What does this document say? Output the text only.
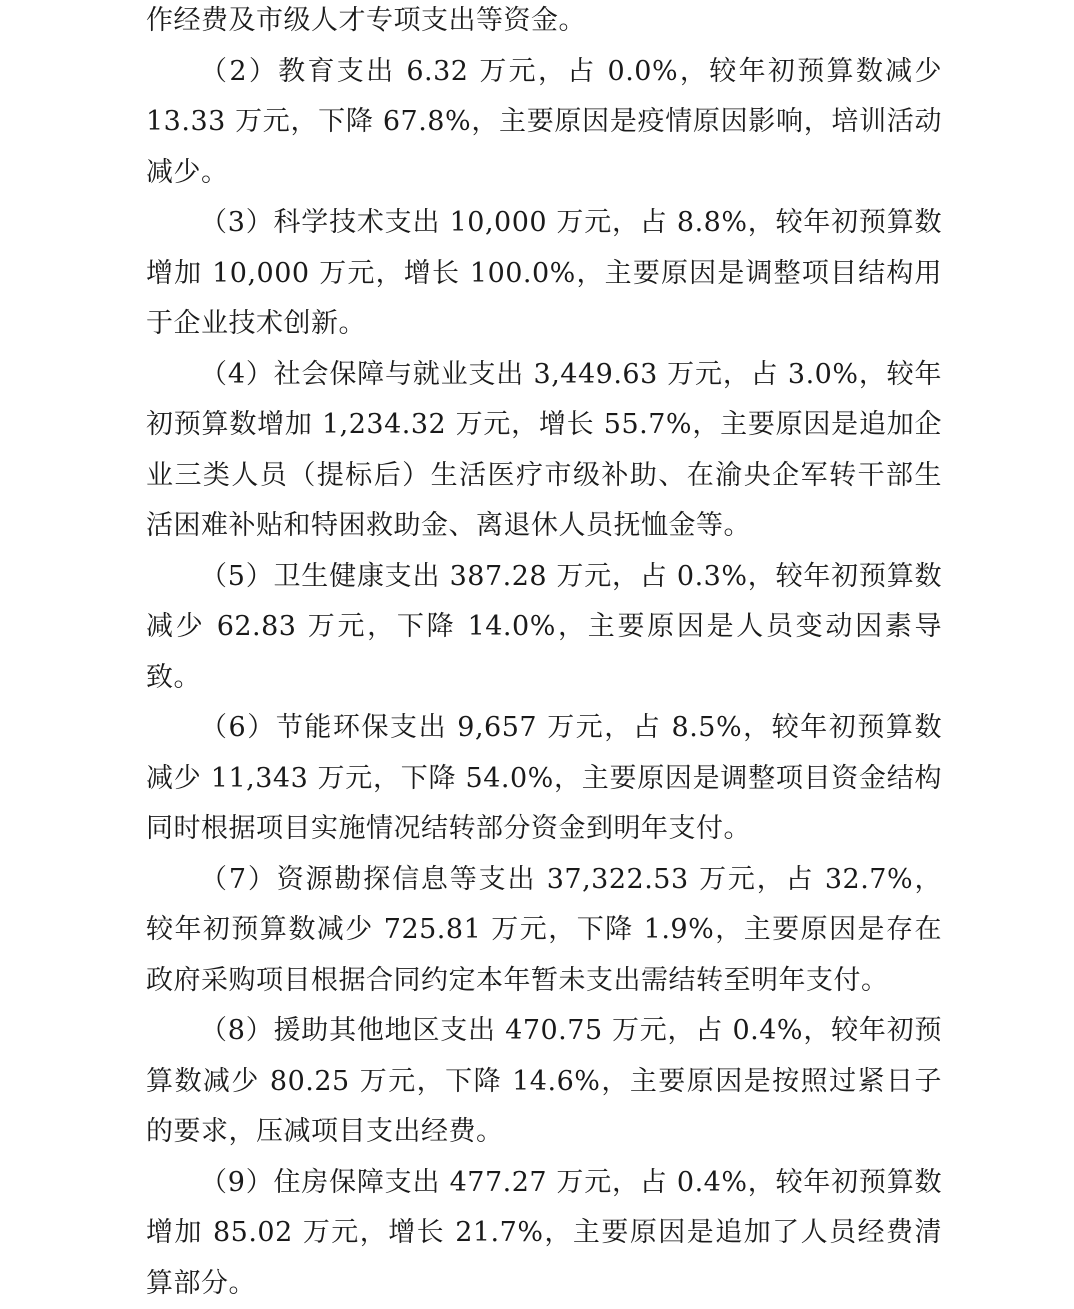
作经费及市级人才专项支出等资金。

（2）教育支出 6.32 万元，占 0.0%，较年初预算数减少 13.33 万元，下降 67.8%，主要原因是疫情原因影响，培训活动减少。

（3）科学技术支出 10,000 万元，占 8.8%，较年初预算数增加 10,000 万元，增长 100.0%，主要原因是调整项目结构用于企业技术创新。

（4）社会保障与就业支出 3,449.63 万元，占 3.0%，较年初预算数增加 1,234.32 万元，增长 55.7%，主要原因是追加企业三类人员（提标后）生活医疗市级补助、在渝央企军转干部生活困难补贴和特困救助金、离退休人员抚恤金等。

（5）卫生健康支出 387.28 万元，占 0.3%，较年初预算数减少 62.83 万元，下降 14.0%，主要原因是人员变动因素导致。

（6）节能环保支出 9,657 万元，占 8.5%，较年初预算数减少 11,343 万元，下降 54.0%，主要原因是调整项目资金结构同时根据项目实施情况结转部分资金到明年支付。

（7）资源勘探信息等支出 37,322.53 万元，占 32.7%，较年初预算数减少 725.81 万元，下降 1.9%，主要原因是存在政府采购项目根据合同约定本年暂未支出需结转至明年支付。

（8）援助其他地区支出 470.75 万元，占 0.4%，较年初预算数减少 80.25 万元，下降 14.6%，主要原因是按照过紧日子的要求，压减项目支出经费。

（9）住房保障支出 477.27 万元，占 0.4%，较年初预算数增加 85.02 万元，增长 21.7%，主要原因是追加了人员经费清算部分。
